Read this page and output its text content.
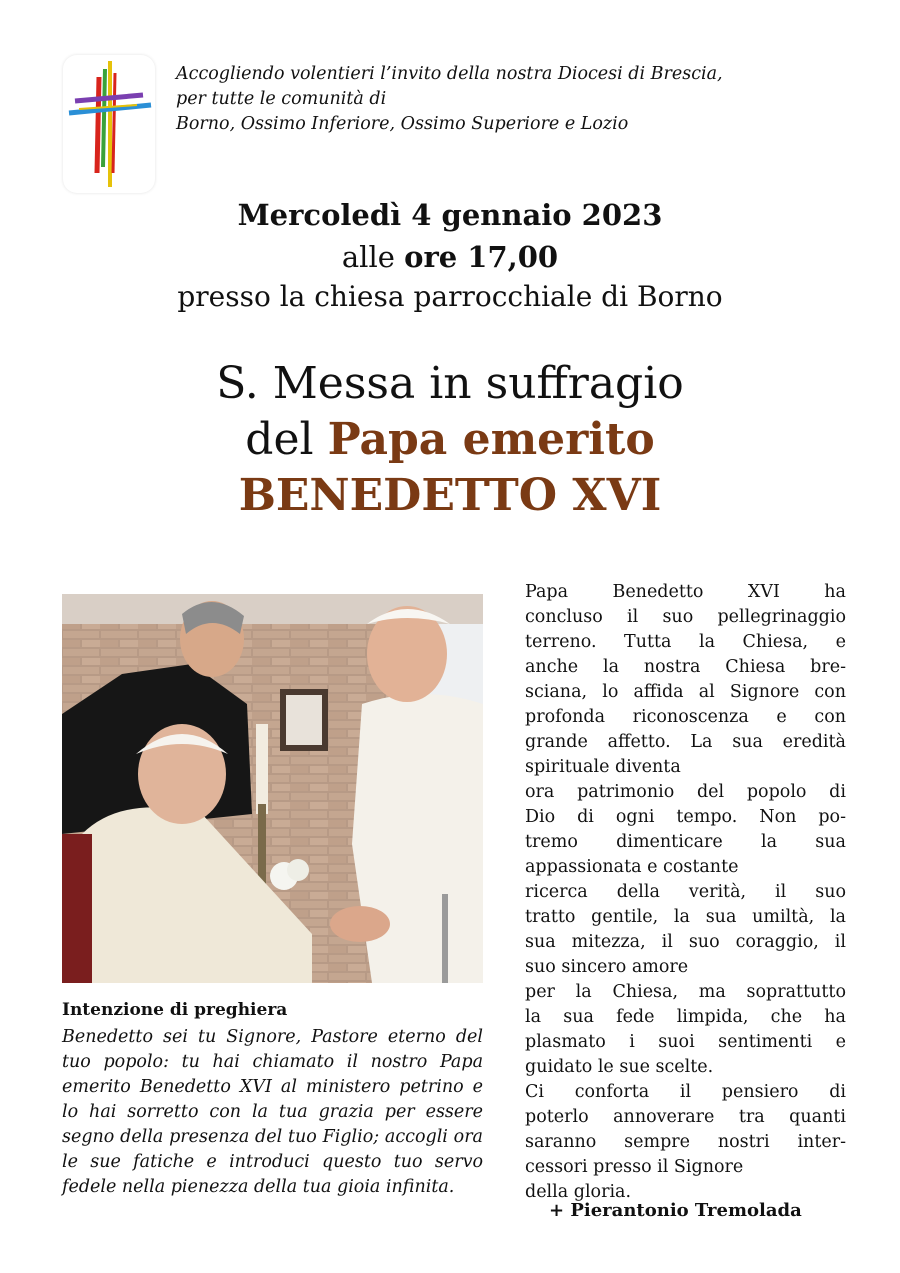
Accogliendo volentieri l’invito della nostra Diocesi di Brescia,
per tutte le comunità di
Borno, Ossimo Inferiore, Ossimo Superiore e Lozio
Mercoledì 4 gennaio 2023
alle ore 17,00
presso la chiesa parrocchiale di Borno
S. Messa in suffragio
del Papa emerito
BENEDETTO XVI
Intenzione di preghiera
Benedetto sei tu Signore, Pastore eterno del tuo popolo: tu hai chiamato il nostro Papa emerito Benedetto XVI al ministero petrino e lo hai sorretto con la tua grazia per essere segno della presenza del tuo Figlio; accogli ora le sue fatiche e introduci questo tuo servo fedele nella pienezza della tua gioia infinita.
Papa Benedetto XVI ha
concluso il suo pellegrinaggio
terreno. Tutta la Chiesa, e
anche la nostra Chiesa bre-
sciana, lo affida al Signore con
profonda riconoscenza e con
grande affetto. La sua eredità
spirituale diventa
ora patrimonio del popolo di
Dio di ogni tempo. Non po-
tremo dimenticare la sua
appassionata e costante
ricerca della verità, il suo
tratto gentile, la sua umiltà, la
sua mitezza, il suo coraggio, il
suo sincero amore
per la Chiesa, ma soprattutto
la sua fede limpida, che ha
plasmato i suoi sentimenti e
guidato le sue scelte.
Ci conforta il pensiero di
poterlo annoverare tra quanti
saranno sempre nostri inter-
cessori presso il Signore
della gloria.
+ Pierantonio Tremolada
